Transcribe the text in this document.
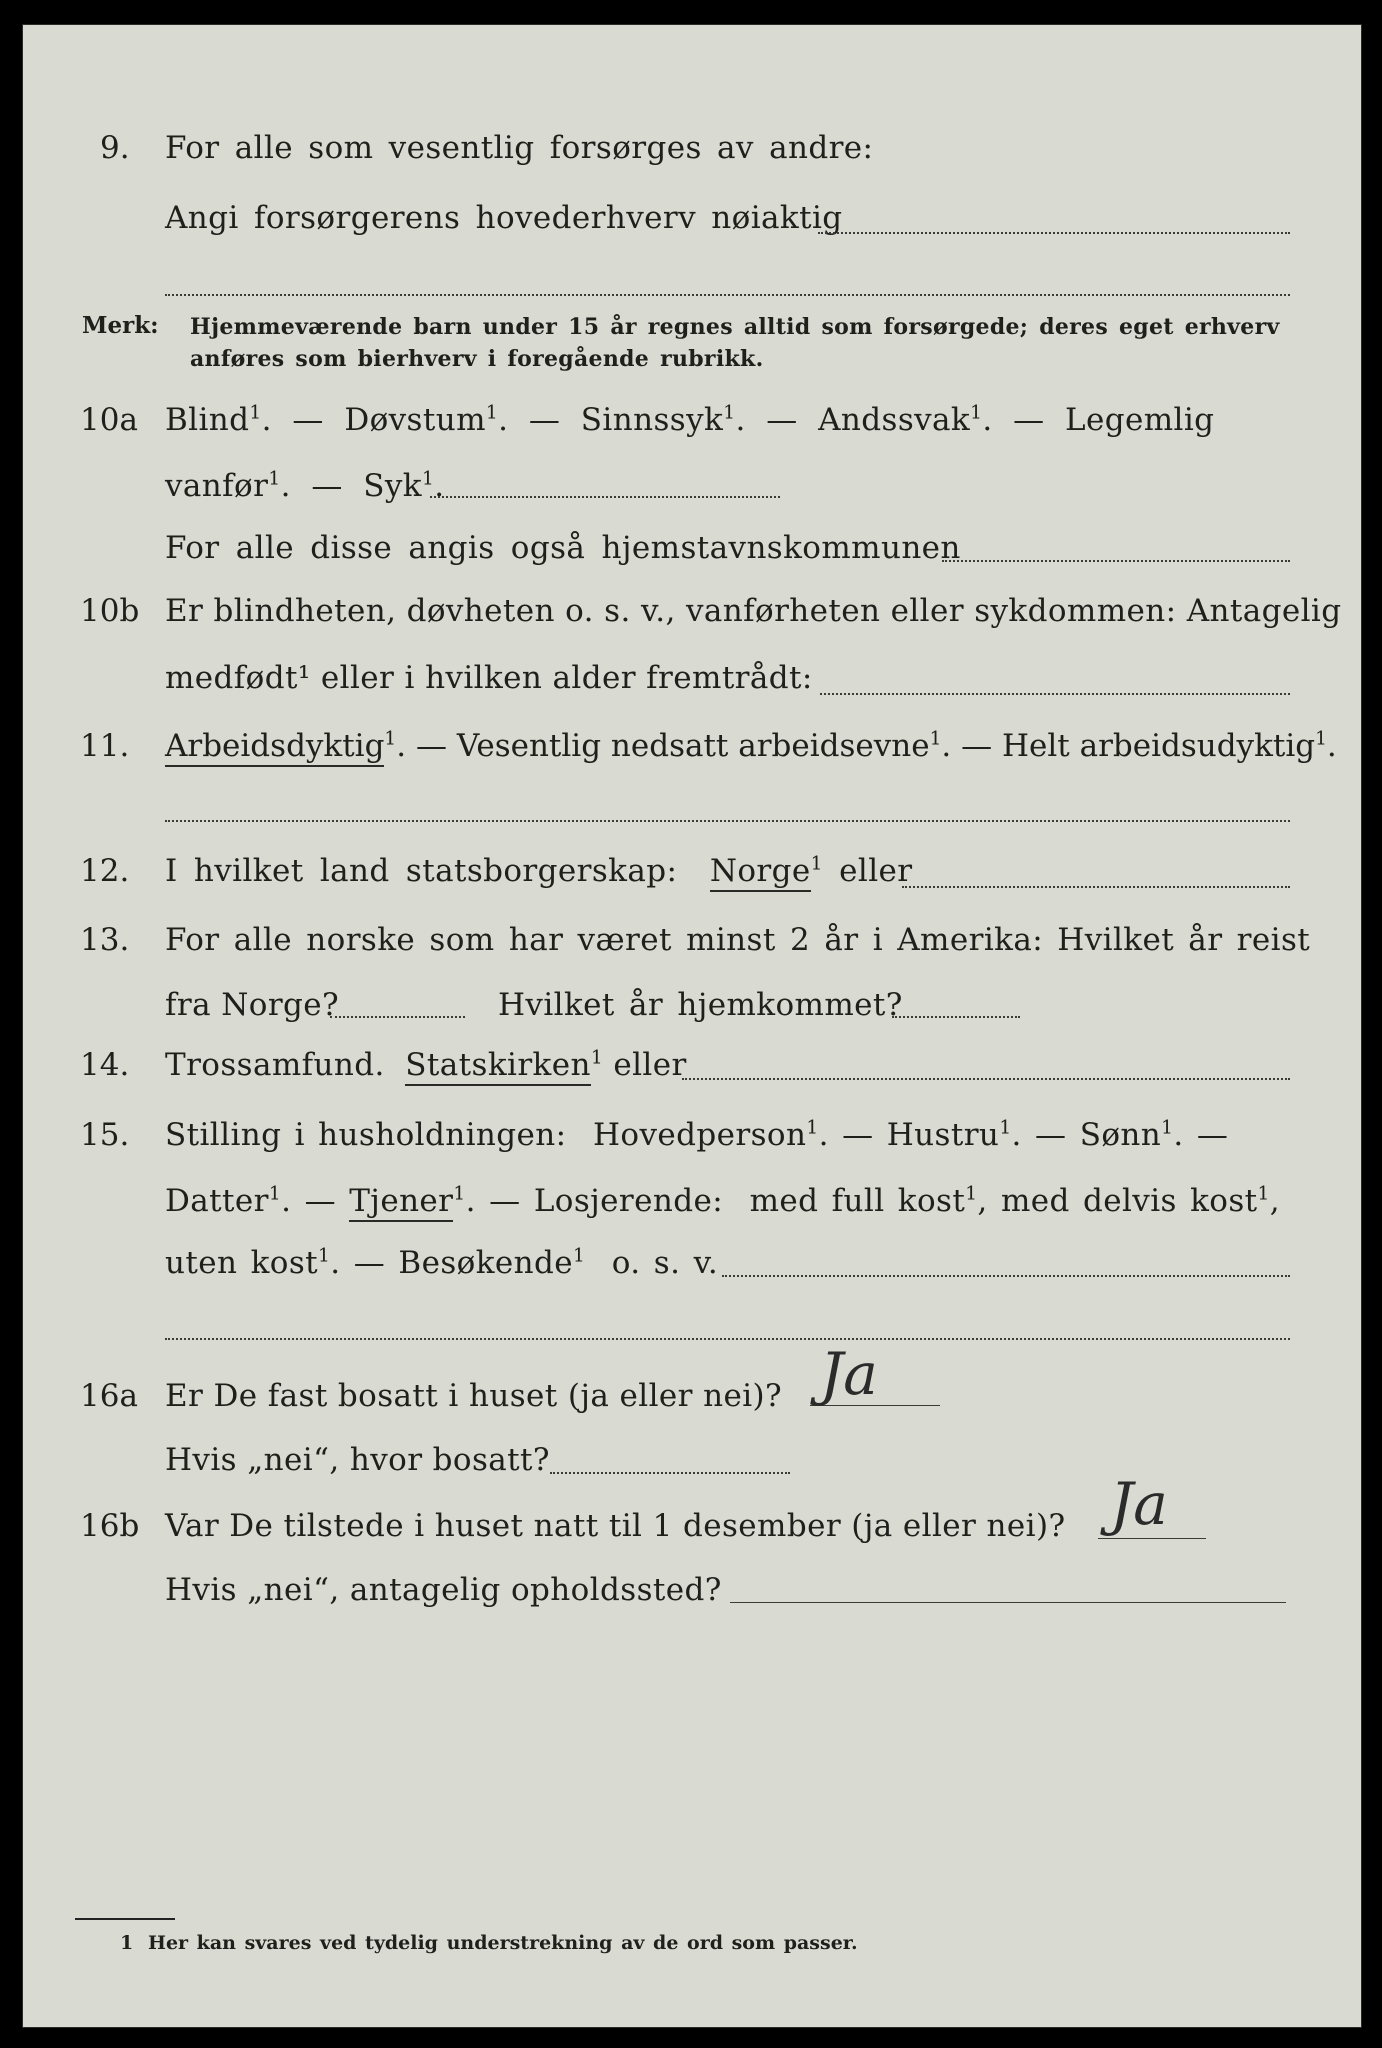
9. For alle som vesentlig forsørges av andre:
Angi forsørgerens hovederhverv nøiaktig
Merk: Hjemmeværende barn under 15 år regnes alltid som forsørgede; deres eget erhverv
anføres som bierhverv i foregående rubrikk.
10a Blind$^1$.  —  Døvstum$^1$.  —  Sinnssyk$^1$.  —  Andssvak$^1$.  —  Legemlig
vanfør$^1$.  —  Syk$^1$.
For alle disse angis også hjemstavnskommunen
10b Er blindheten, døvheten o. s. v., vanførheten eller sykdommen: Antagelig
medfødt¹ eller i hvilken alder fremtrådt:
11. Arbeidsdyktig$^1$. — Vesentlig nedsatt arbeidsevne$^1$. — Helt arbeidsudyktig$^1$.
12. I hvilket land statsborgerskap: Norge$^1$ eller
13. For alle norske som har været minst 2 år i Amerika: Hvilket år reist
fra Norge?	Hvilket år hjemkommet?
14. Trossamfund. Statskirken$^1$ eller
15. Stilling i husholdningen: Hovedperson$^1$. — Hustru$^1$. — Sønn$^1$. —
Datter$^1$. — Tjener$^1$. — Losjerende: med full kost$^1$, med delvis kost$^1$,
uten kost$^1$. — Besøkende$^1$ o. s. v.
16a Er De fast bosatt i huset (ja eller nei)? Ja
Hvis „nei“, hvor bosatt?
16b Var De tilstede i huset natt til 1 desember (ja eller nei)? Ja
Hvis „nei“, antagelig opholdssted?
1 Her kan svares ved tydelig understrekning av de ord som passer.
